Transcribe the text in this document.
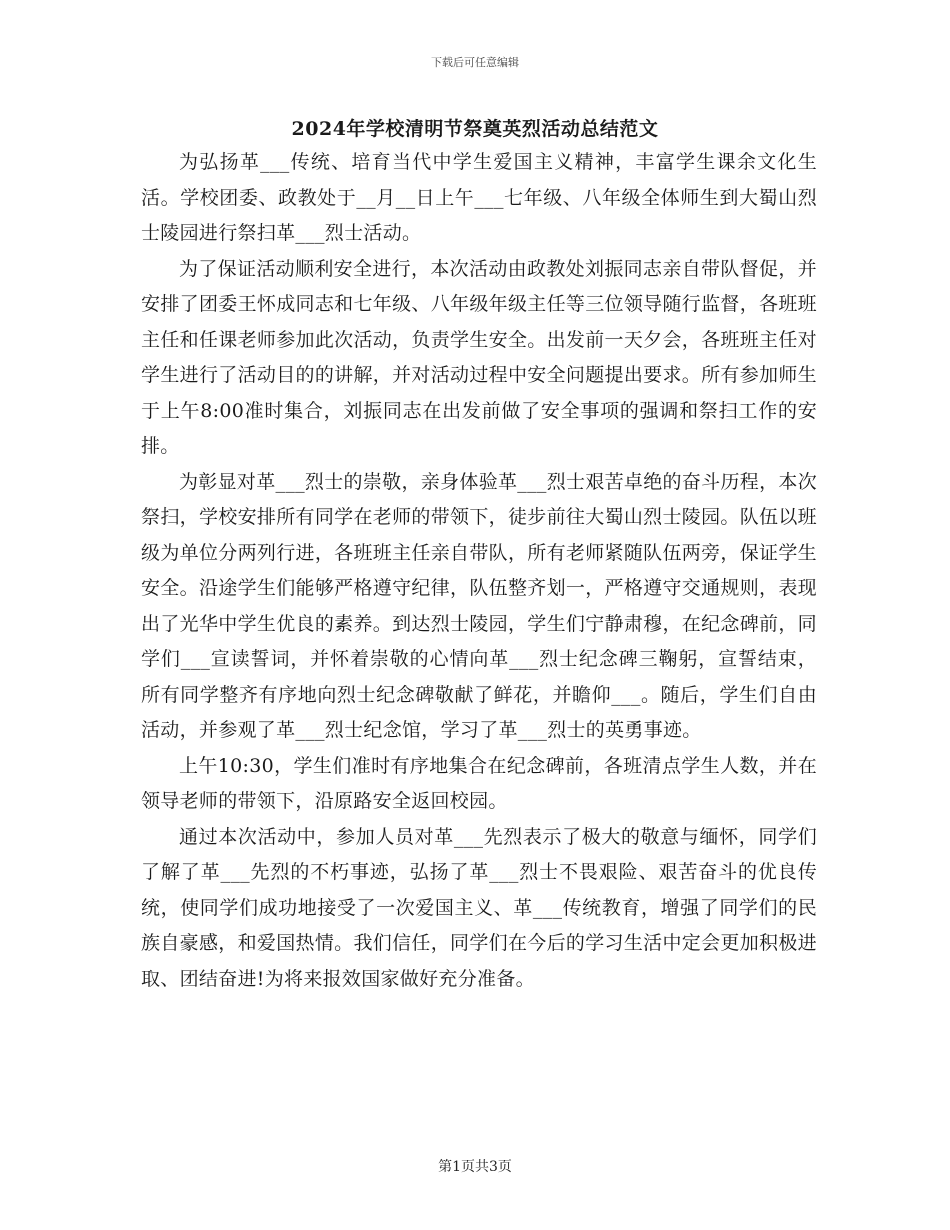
下载后可任意编辑
2024年学校清明节祭奠英烈活动总结范文

为弘扬革___传统、培育当代中学生爱国主义精神，丰富学生课余文化生活。学校团委、政教处于__月__日上午___七年级、八年级全体师生到大蜀山烈士陵园进行祭扫革___烈士活动。

为了保证活动顺利安全进行，本次活动由政教处刘振同志亲自带队督促，并安排了团委王怀成同志和七年级、八年级年级主任等三位领导随行监督，各班班主任和任课老师参加此次活动，负责学生安全。出发前一天夕会，各班班主任对学生进行了活动目的的讲解，并对活动过程中安全问题提出要求。所有参加师生于上午8:00准时集合，刘振同志在出发前做了安全事项的强调和祭扫工作的安排。

为彰显对革___烈士的崇敬，亲身体验革___烈士艰苦卓绝的奋斗历程，本次祭扫，学校安排所有同学在老师的带领下，徒步前往大蜀山烈士陵园。队伍以班级为单位分两列行进，各班班主任亲自带队，所有老师紧随队伍两旁，保证学生安全。沿途学生们能够严格遵守纪律，队伍整齐划一，严格遵守交通规则，表现出了光华中学生优良的素养。到达烈士陵园，学生们宁静肃穆，在纪念碑前，同学们___宣读誓词，并怀着崇敬的心情向革___烈士纪念碑三鞠躬，宣誓结束，所有同学整齐有序地向烈士纪念碑敬献了鲜花，并瞻仰___。随后，学生们自由活动，并参观了革___烈士纪念馆，学习了革___烈士的英勇事迹。

上午10:30，学生们准时有序地集合在纪念碑前，各班清点学生人数，并在领导老师的带领下，沿原路安全返回校园。

通过本次活动中，参加人员对革___先烈表示了极大的敬意与缅怀，同学们了解了革___先烈的不朽事迹，弘扬了革___烈士不畏艰险、艰苦奋斗的优良传统，使同学们成功地接受了一次爱国主义、革___传统教育，增强了同学们的民族自豪感，和爱国热情。我们信任，同学们在今后的学习生活中定会更加积极进取、团结奋进!为将来报效国家做好充分准备。

第1页共3页
